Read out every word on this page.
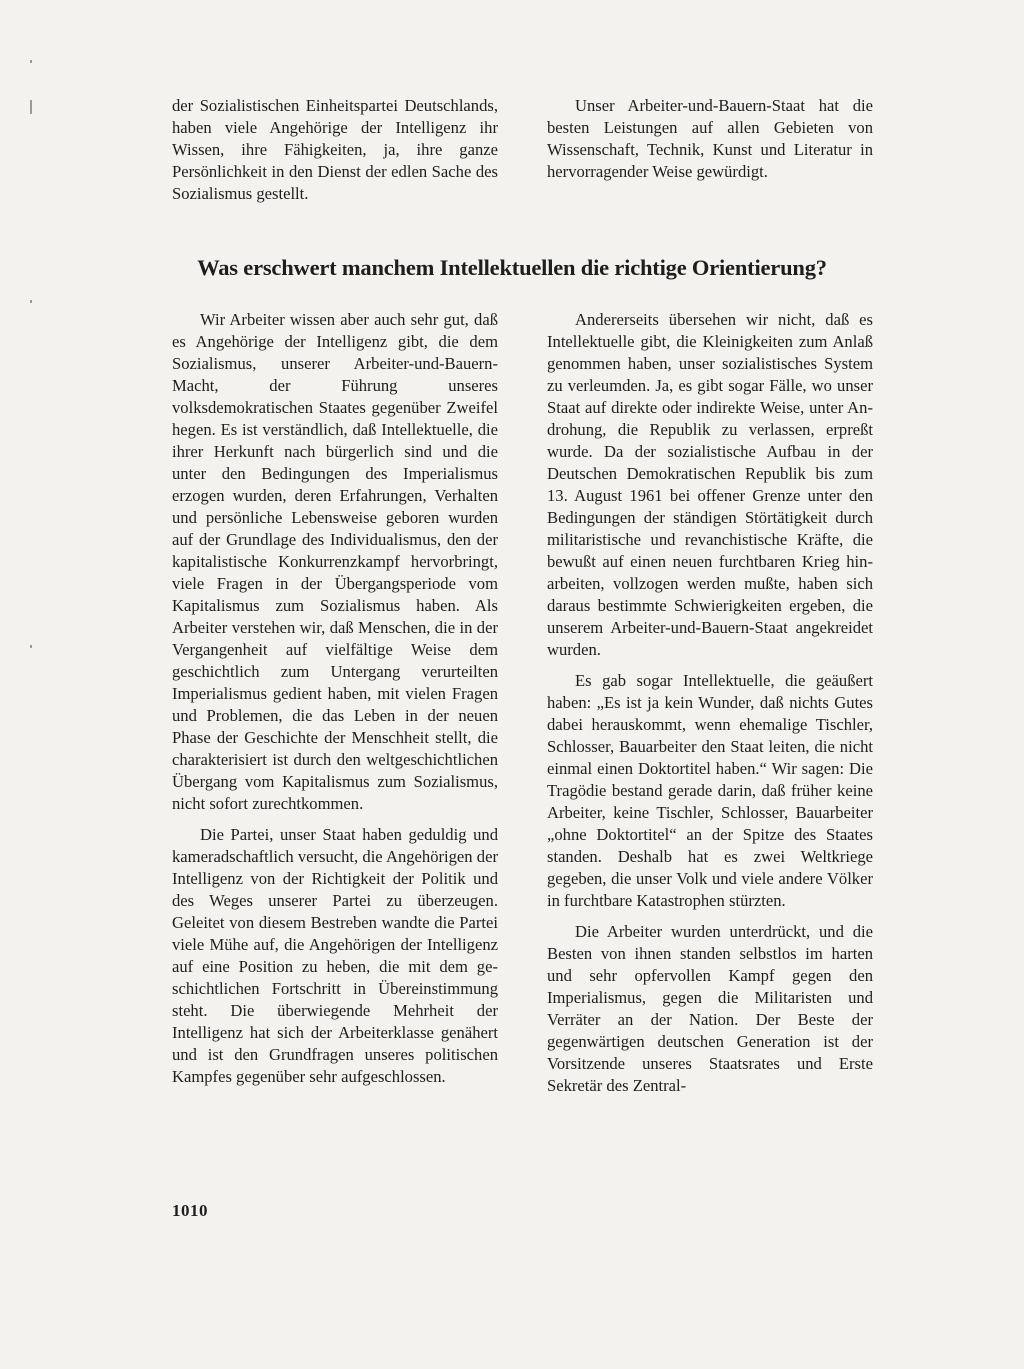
der Sozialistischen Einheitspartei Deutschlands, haben viele Angehörige der Intelligenz ihr Wissen, ihre Fähigkeiten, ja, ihre ganze Persönlichkeit in den Dienst der edlen Sache des Sozialismus gestellt.

Unser Arbeiter-und-Bauern-Staat hat die besten Leistungen auf allen Gebieten von Wissenschaft, Technik, Kunst und Literatur in hervorragender Weise gewürdigt.

Was erschwert manchem Intellektuellen die richtige Orientierung?

Wir Arbeiter wissen aber auch sehr gut, daß es Angehörige der Intelligenz gibt, die dem Sozialismus, unserer Arbeiter-und-Bauern-Macht, der Führung unseres volksdemokratischen Staates gegenüber Zweifel hegen. Es ist verständlich, daß Intellektuelle, die ihrer Herkunft nach bürgerlich sind und die unter den Bedingungen des Imperialismus erzogen wurden, deren Erfahrungen, Verhalten und persönliche Lebensweise geboren wurden auf der Grundlage des Individualismus, den der kapitalistische Konkurrenzkampf hervorbringt, viele Fragen in der Übergangsperiode vom Kapitalismus zum Sozialismus haben. Als Arbeiter verstehen wir, daß Menschen, die in der Vergangenheit auf vielfältige Weise dem geschichtlich zum Untergang verurteilten Imperialismus gedient haben, mit vielen Fragen und Problemen, die das Leben in der neuen Phase der Geschichte der Menschheit stellt, die charakterisiert ist durch den weltgeschichtlichen Übergang vom Kapitalismus zum Sozialismus, nicht sofort zurechtkommen.

Die Partei, unser Staat haben geduldig und kameradschaftlich versucht, die Angehörigen der Intelligenz von der Richtigkeit der Politik und des Weges unserer Partei zu überzeugen. Geleitet von diesem Bestreben wandte die Partei viele Mühe auf, die Angehörigen der Intelligenz auf eine Position zu heben, die mit dem geschichtlichen Fortschritt in Übereinstimmung steht. Die überwiegende Mehrheit der Intelligenz hat sich der Arbeiterklasse genähert und ist den Grundfragen unseres politischen Kampfes gegenüber sehr aufgeschlossen.

Andererseits übersehen wir nicht, daß es Intellektuelle gibt, die Kleinigkeiten zum Anlaß genommen haben, unser sozialistisches System zu verleumden. Ja, es gibt sogar Fälle, wo unser Staat auf direkte oder indirekte Weise, unter Androhung, die Republik zu verlassen, erpreßt wurde. Da der sozialistische Aufbau in der Deutschen Demokratischen Republik bis zum 13. August 1961 bei offener Grenze unter den Bedingungen der ständigen Störtätigkeit durch militaristische und revanchistische Kräfte, die bewußt auf einen neuen furchtbaren Krieg hinarbeiten, vollzogen werden mußte, haben sich daraus bestimmte Schwierigkeiten ergeben, die unserem Arbeiter-und-Bauern-Staat angekreidet wurden.

Es gab sogar Intellektuelle, die geäußert haben: „Es ist ja kein Wunder, daß nichts Gutes dabei herauskommt, wenn ehemalige Tischler, Schlosser, Bauarbeiter den Staat leiten, die nicht einmal einen Doktortitel haben.“ Wir sagen: Die Tragödie bestand gerade darin, daß früher keine Arbeiter, keine Tischler, Schlosser, Bauarbeiter „ohne Doktortitel“ an der Spitze des Staates standen. Deshalb hat es zwei Weltkriege gegeben, die unser Volk und viele andere Völker in furchtbare Katastrophen stürzten.

Die Arbeiter wurden unterdrückt, und die Besten von ihnen standen selbstlos im harten und sehr opfervollen Kampf gegen den Imperialismus, gegen die Militaristen und Verräter an der Nation. Der Beste der gegenwärtigen deutschen Generation ist der Vorsitzende unseres Staatsrates und Erste Sekretär des Zentral-

1010
